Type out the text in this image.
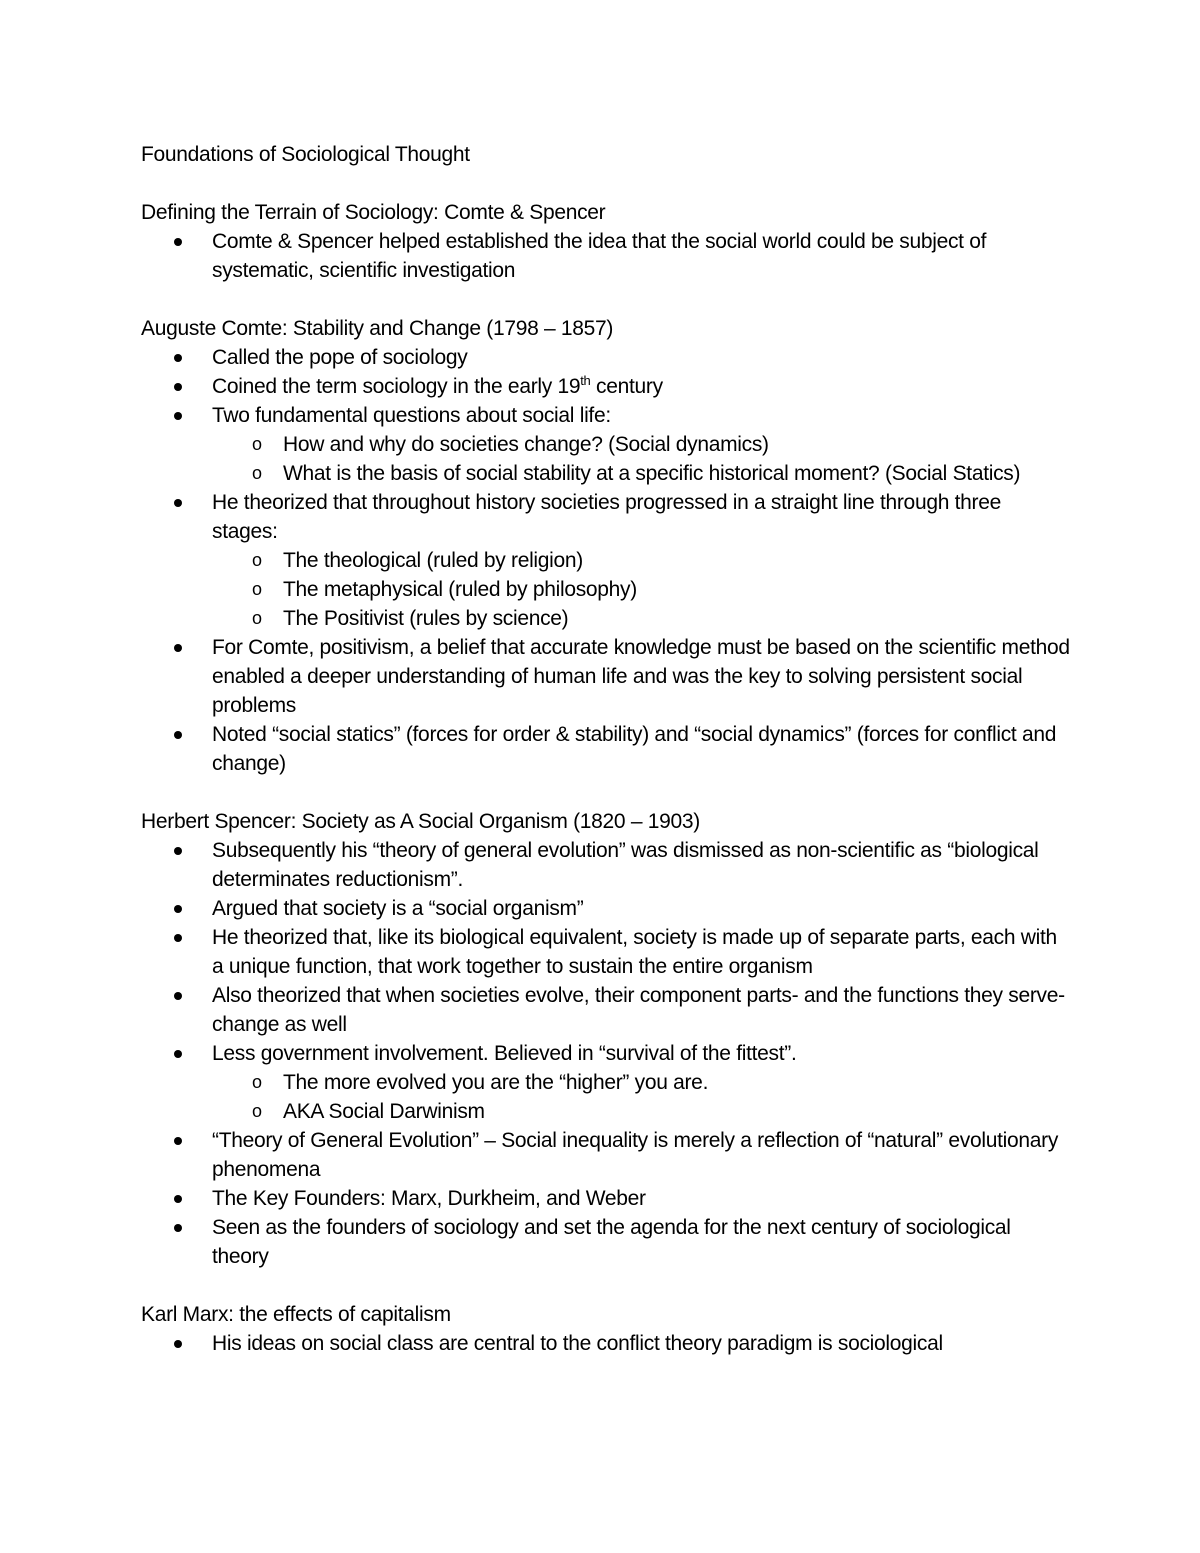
Foundations of Sociological Thought
Defining the Terrain of Sociology: Comte & Spencer
Comte & Spencer helped established the idea that the social world could be subject of systematic, scientific investigation
Auguste Comte: Stability and Change (1798 – 1857)
Called the pope of sociology
Coined the term sociology in the early 19th century
Two fundamental questions about social life:
o How and why do societies change? (Social dynamics)
o What is the basis of social stability at a specific historical moment? (Social Statics)
He theorized that throughout history societies progressed in a straight line through three stages:
o The theological (ruled by religion)
o The metaphysical (ruled by philosophy)
o The Positivist (rules by science)
For Comte, positivism, a belief that accurate knowledge must be based on the scientific method enabled a deeper understanding of human life and was the key to solving persistent social problems
Noted “social statics” (forces for order & stability) and “social dynamics” (forces for conflict and change)
Herbert Spencer: Society as A Social Organism (1820 – 1903)
Subsequently his “theory of general evolution” was dismissed as non-scientific as “biological determinates reductionism”.
Argued that society is a “social organism”
He theorized that, like its biological equivalent, society is made up of separate parts, each with a unique function, that work together to sustain the entire organism
Also theorized that when societies evolve, their component parts- and the functions they serve- change as well
Less government involvement. Believed in “survival of the fittest”.
o The more evolved you are the “higher” you are.
o AKA Social Darwinism
“Theory of General Evolution” – Social inequality is merely a reflection of “natural” evolutionary phenomena
The Key Founders: Marx, Durkheim, and Weber
Seen as the founders of sociology and set the agenda for the next century of sociological theory
Karl Marx: the effects of capitalism
His ideas on social class are central to the conflict theory paradigm is sociological
